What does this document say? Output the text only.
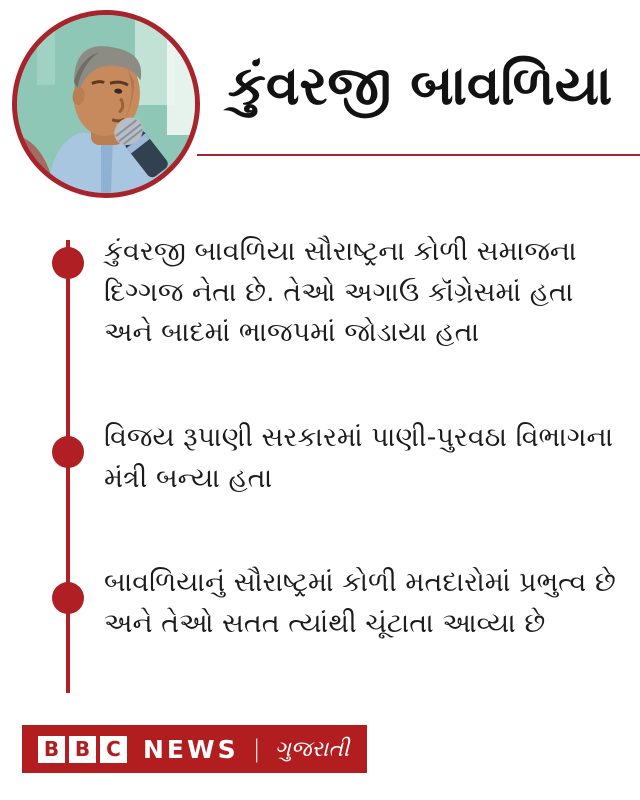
કુંવરજી બાવળિયા

કુંવરજી બાવળિયા સૌરાષ્ટ્રના કોળી સમાજના દિગ્ગજ નેતા છે. તેઓ અગાઉ કૉંગ્રેસમાં હતા અને બાદમાં ભાજપમાં જોડાયા હતા

વિજય રૂપાણી સરકારમાં પાણી-પુરવઠા વિભાગના મંત્રી બન્યા હતા

બાવળિયાનું સૌરાષ્ટ્રમાં કોળી મતદારોમાં પ્રભુત્વ છે અને તેઓ સતત ત્યાંથી ચૂંટાતા આવ્યા છે

B B C NEWS | ગુજરાતી
